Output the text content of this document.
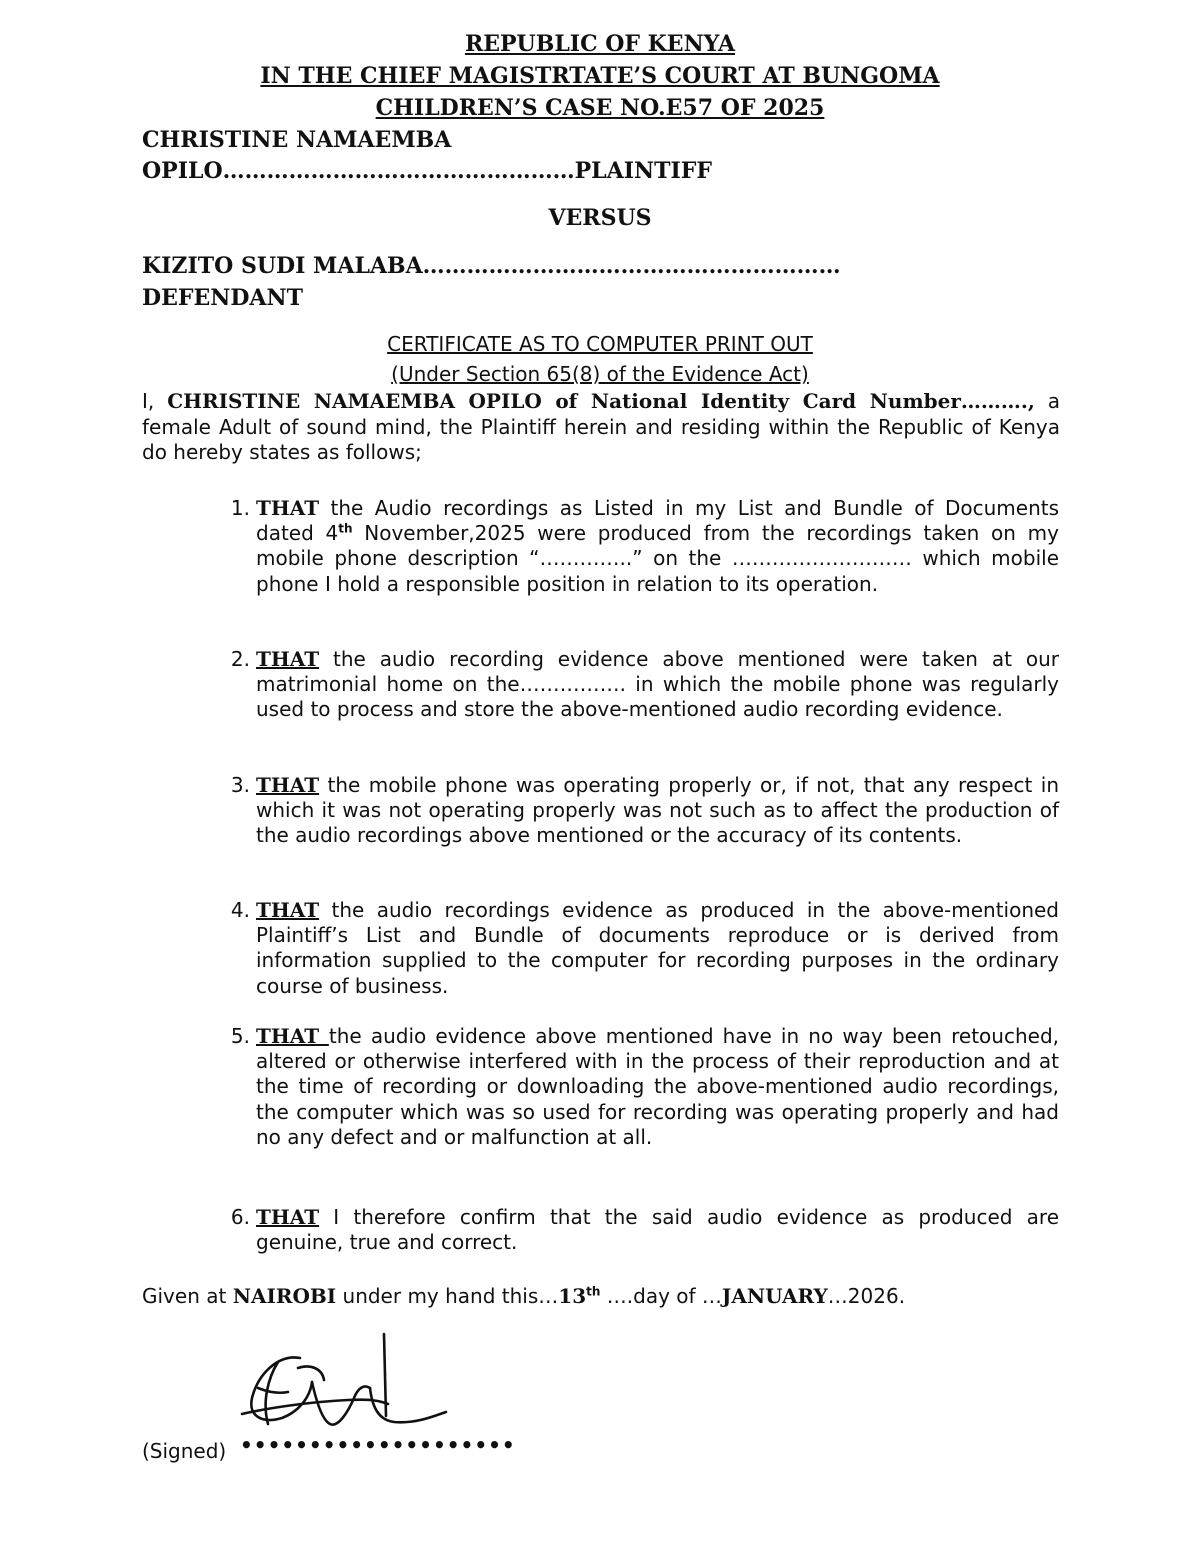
REPUBLIC OF KENYA
IN THE CHIEF MAGISTRTATE’S COURT AT BUNGOMA
CHILDREN’S CASE NO.E57 OF 2025
CHRISTINE NAMAEMBA
OPILO…………………………………………PLAINTIFF
VERSUS
KIZITO SUDI MALABA…………………………………………………
DEFENDANT
CERTIFICATE AS TO COMPUTER PRINT OUT
(Under Section 65(8) of the Evidence Act)
I, CHRISTINE NAMAEMBA OPILO of National Identity Card Number………., a female Adult of sound mind, the Plaintiff herein and residing within the Republic of Kenya do hereby states as follows;
1. THAT the Audio recordings as Listed in my List and Bundle of Documents dated 4th November,2025 were produced from the recordings taken on my mobile phone description “…………..” on the ……………………… which mobile phone I hold a responsible position in relation to its operation.
2. THAT the audio recording evidence above mentioned were taken at our matrimonial home on the……………. in which the mobile phone was regularly used to process and store the above-mentioned audio recording evidence.
3. THAT the mobile phone was operating properly or, if not, that any respect in which it was not operating properly was not such as to affect the production of the audio recordings above mentioned or the accuracy of its contents.
4. THAT the audio recordings evidence as produced in the above-mentioned Plaintiff’s List and Bundle of documents reproduce or is derived from information supplied to the computer for recording purposes in the ordinary course of business.
5. THAT the audio evidence above mentioned have in no way been retouched, altered or otherwise interfered with in the process of their reproduction and at the time of recording or downloading the above-mentioned audio recordings, the computer which was so used for recording was operating properly and had no any defect and or malfunction at all.
6. THAT I therefore confirm that the said audio evidence as produced are genuine, true and correct.
Given at NAIROBI under my hand this…13th ….day of …JANUARY…2026.
(Signed) ••••••••••••••••••••
